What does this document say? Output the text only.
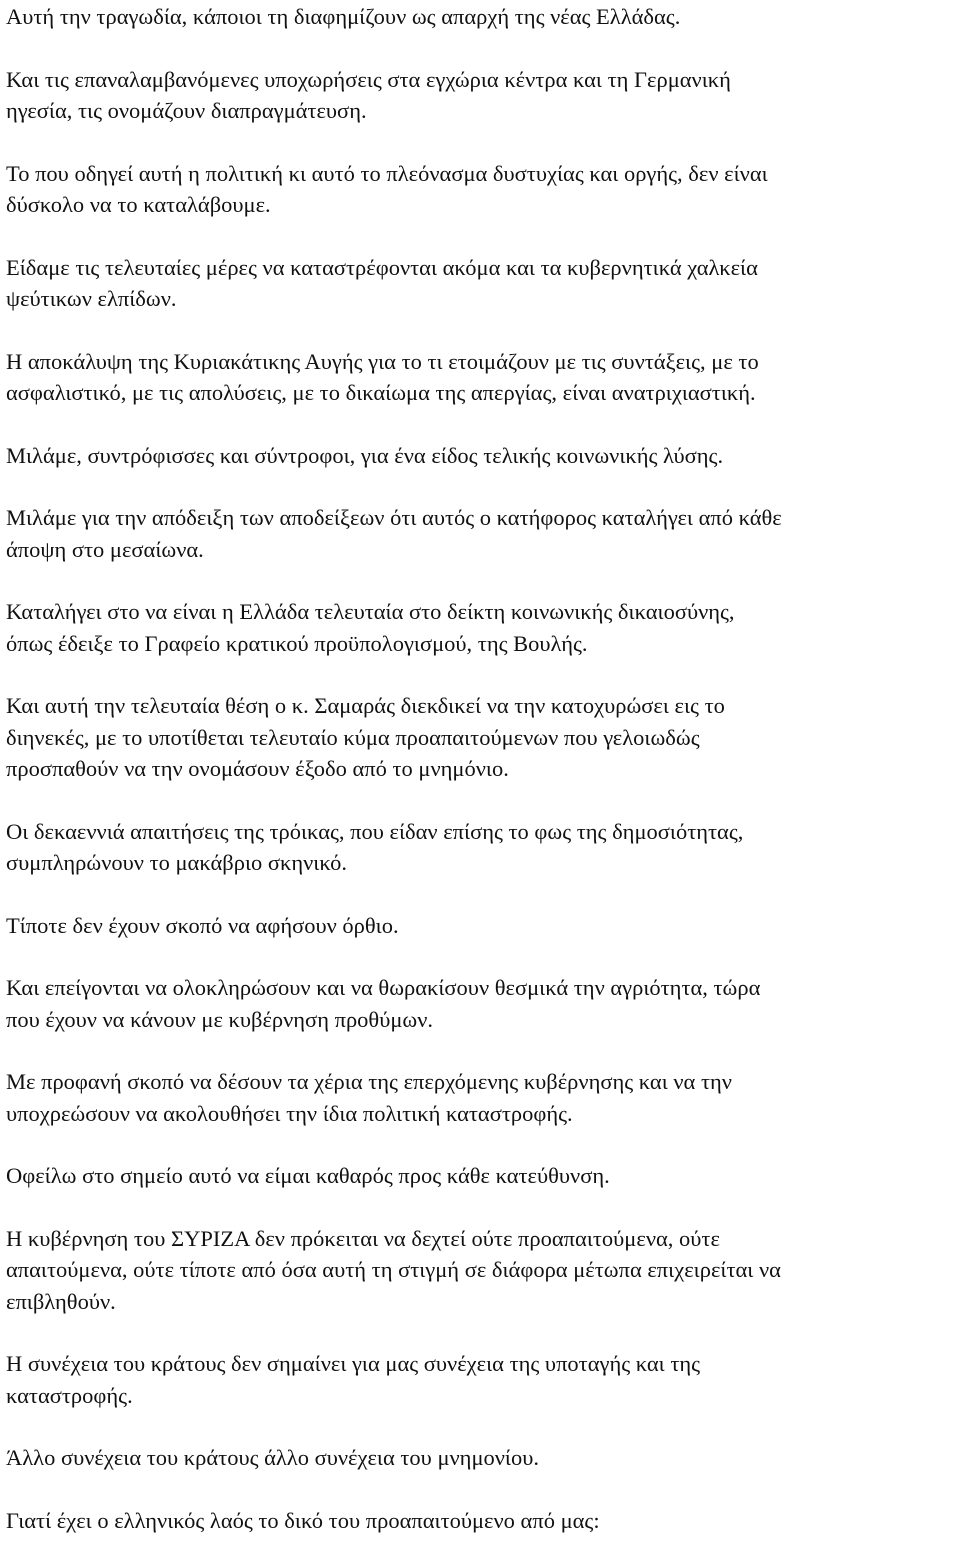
Αυτή την τραγωδία, κάποιοι τη διαφημίζουν ως απαρχή της νέας Ελλάδας.

Και τις επαναλαμβανόμενες υποχωρήσεις στα εγχώρια κέντρα και τη Γερμανική
ηγεσία, τις ονομάζουν διαπραγμάτευση.

Το που οδηγεί αυτή η πολιτική κι αυτό το πλεόνασμα δυστυχίας και οργής, δεν είναι
δύσκολο να το καταλάβουμε.

Είδαμε τις τελευταίες μέρες να καταστρέφονται ακόμα και τα κυβερνητικά χαλκεία
ψεύτικων ελπίδων.

Η αποκάλυψη της Κυριακάτικης Αυγής για το τι ετοιμάζουν με τις συντάξεις, με το
ασφαλιστικό, με τις απολύσεις, με το δικαίωμα της απεργίας, είναι ανατριχιαστική.

Μιλάμε, συντρόφισσες και σύντροφοι, για ένα είδος τελικής κοινωνικής λύσης.

Μιλάμε για την απόδειξη των αποδείξεων ότι αυτός ο κατήφορος καταλήγει από κάθε
άποψη στο μεσαίωνα.

Καταλήγει στο να είναι η Ελλάδα τελευταία στο δείκτη κοινωνικής δικαιοσύνης,
όπως έδειξε το Γραφείο κρατικού προϋπολογισμού, της Βουλής.

Και αυτή την τελευταία θέση ο κ. Σαμαράς διεκδικεί να την κατοχυρώσει εις το
διηνεκές, με το υποτίθεται τελευταίο κύμα προαπαιτούμενων που γελοιωδώς
προσπαθούν να την ονομάσουν έξοδο από το μνημόνιο.

Οι δεκαεννιά απαιτήσεις της τρόικας, που είδαν επίσης το φως της δημοσιότητας,
συμπληρώνουν το μακάβριο σκηνικό.

Τίποτε δεν έχουν σκοπό να αφήσουν όρθιο.

Και επείγονται να ολοκληρώσουν και να θωρακίσουν θεσμικά την αγριότητα, τώρα
που έχουν να κάνουν με κυβέρνηση προθύμων.

Με προφανή σκοπό να δέσουν τα χέρια της επερχόμενης κυβέρνησης και να την
υποχρεώσουν να ακολουθήσει την ίδια πολιτική καταστροφής.

Οφείλω στο σημείο αυτό να είμαι καθαρός προς κάθε κατεύθυνση.

Η κυβέρνηση του ΣΥΡΙΖΑ δεν πρόκειται να δεχτεί ούτε προαπαιτούμενα, ούτε
απαιτούμενα, ούτε τίποτε από όσα αυτή τη στιγμή σε διάφορα μέτωπα επιχειρείται να
επιβληθούν.

Η συνέχεια του κράτους δεν σημαίνει για μας συνέχεια της υποταγής και της
καταστροφής.

Άλλο συνέχεια του κράτους άλλο συνέχεια του μνημονίου.

Γιατί έχει ο ελληνικός λαός το δικό του προαπαιτούμενο από μας:
